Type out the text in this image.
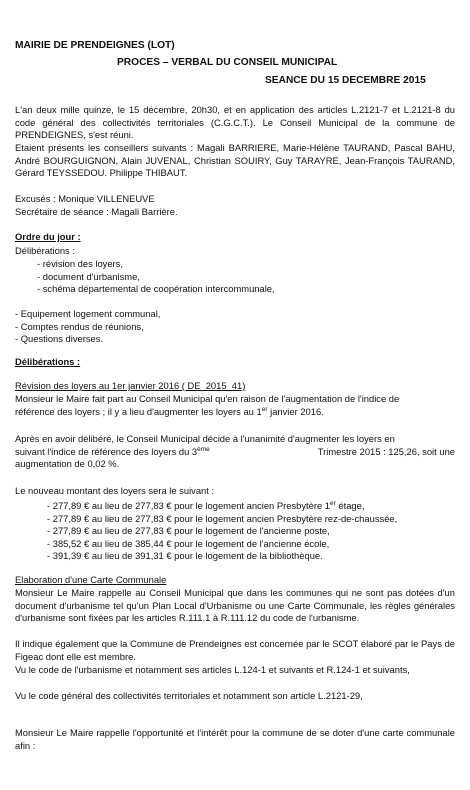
MAIRIE DE PRENDEIGNES (LOT)
PROCES – VERBAL DU CONSEIL MUNICIPAL
SEANCE DU 15 DECEMBRE 2015
L'an deux mille quinze, le 15 décembre, 20h30, et en application des articles L.2121-7 et L.2121-8 du code général des collectivités territoriales (C.G.C.T.). Le Conseil Municipal de la commune de PRENDEIGNES, s'est réuni.
Etaient présents les conseillers suivants : Magali BARRIERE, Marie-Hélène TAURAND, Pascal BAHU, André BOURGUIGNON, Alain JUVENAL, Christian SOUIRY, Guy TARAYRE, Jean-François TAURAND, Gérard TEYSSEDOU. Philippe THIBAUT.
Excusés : Monique VILLENEUVE
Secrétaire de séance : Magali Barrière.
Ordre du jour :
Délibérations :
- révision des loyers,
- document d'urbanisme,
- schéma départemental de coopération intercommunale,
- Equipement logement communal,
- Comptes rendus de réunions,
- Questions diverses.
Délibérations :
Révision des loyers au 1er janvier 2016 ( DE_2015_41)
Monsieur le Maire fait part au Conseil Municipal qu'en raison de l'augmentation de l'indice de
référence des loyers ; il y a lieu d'augmenter les loyers au 1er janvier 2016.
Après en avoir délibéré, le Conseil Municipal décide à l'unanimité d'augmenter les loyers en
suivant l'indice de référence des loyers du 3ème	Trimestre 2015 : 125,26, soit une
augmentation de 0,02 %.
Le nouveau montant des loyers sera le suivant :
- 277,89 € au lieu de 277,83 € pour le logement ancien Presbytère 1er étage,
- 277,89 € au lieu de 277,83 € pour le logement ancien Presbytère rez-de-chaussée,
- 277,89 € au lieu de 277,83 € pour le logement de l'ancienne poste,
- 385,52 € au lieu de 385,44 € pour le logement de l'ancienne école,
- 391,39 € au lieu de 391,31 € pour le logement de la bibliothèque.
Elaboration d'une Carte Communale
Monsieur Le Maire rappelle au Conseil Municipal que dans les communes qui ne sont pas dotées d'un document d'urbanisme tel qu'un Plan Local d'Urbanisme ou une Carte Communale, les règles générales d'urbanisme sont fixées par les articles R.111.1 à R.111.12 du code de l'urbanisme.
Il indique également que la Commune de Prendeignes est concernée par le SCOT élaboré par le Pays de Figeac dont elle est membre.
Vu le code de l'urbanisme et notamment ses articles L.124-1 et suivants et R.124-1 et suivants,
Vu le code général des collectivités territoriales et notamment son article L.2121-29,
Monsieur Le Maire rappelle l'opportunité et l'intérêt pour la commune de se doter d'une carte communale afin :
